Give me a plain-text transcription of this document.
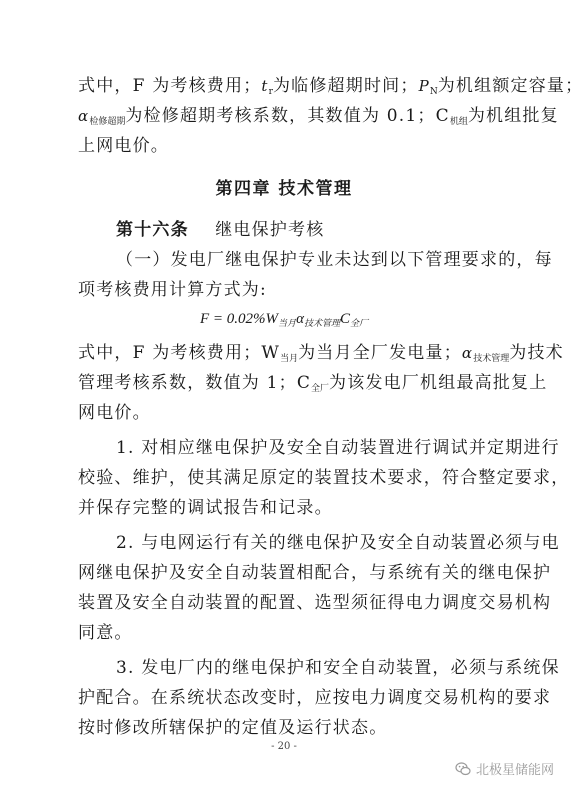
式中，F 为考核费用；$t_r$为临修超期时间；$P_N$为机组额定容量；
$\alpha_{检修超期}$为检修超期考核系数，其数值为 0.1；$C_{机组}$为机组批复
上网电价。
第四章 技术管理
第十六条 继电保护考核
（一）发电厂继电保护专业未达到以下管理要求的，每
项考核费用计算方式为:
$F = 0.02\%W_{当月}\alpha_{技术管理}C_{全厂}$
式中，F 为考核费用；$W_{当月}$为当月全厂发电量；$\alpha_{技术管理}$为技术
管理考核系数，数值为 1；$C_{全厂}$为该发电厂机组最高批复上
网电价。
1. 对相应继电保护及安全自动装置进行调试并定期进行
校验、维护，使其满足原定的装置技术要求，符合整定要求，
并保存完整的调试报告和记录。
2. 与电网运行有关的继电保护及安全自动装置必须与电
网继电保护及安全自动装置相配合，与系统有关的继电保护
装置及安全自动装置的配置、选型须征得电力调度交易机构
同意。
3. 发电厂内的继电保护和安全自动装置，必须与系统保
护配合。在系统状态改变时，应按电力调度交易机构的要求
按时修改所辖保护的定值及运行状态。
- 20 -
北极星储能网
